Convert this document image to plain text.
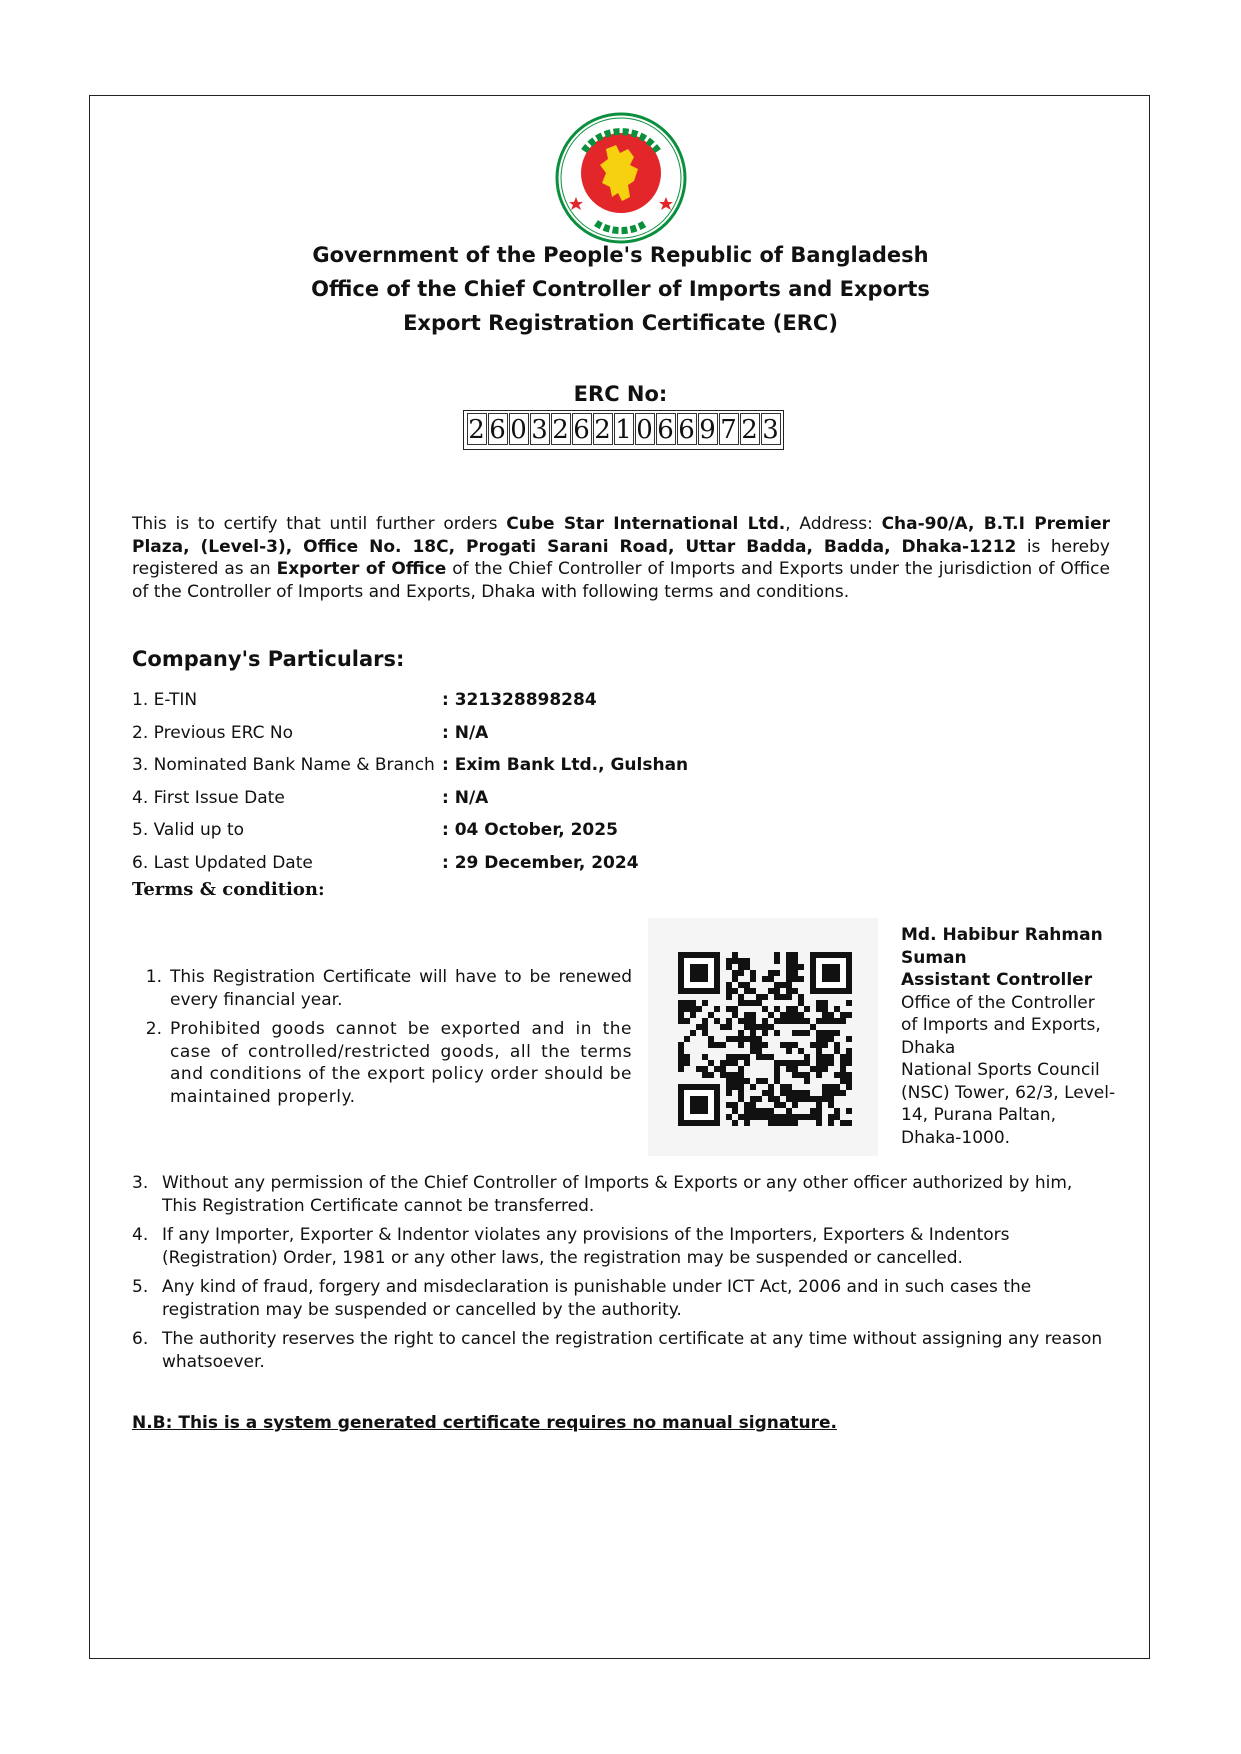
Government of the People's Republic of Bangladesh
Office of the Chief Controller of Imports and Exports
Export Registration Certificate (ERC)
ERC No:
2 6 0 3 2 6 2 1 0 6 6 9 7 2 3
This is to certify that until further orders Cube Star International Ltd., Address: Cha-90/A, B.T.I Premier Plaza, (Level-3), Office No. 18C, Progati Sarani Road, Uttar Badda, Badda, Dhaka-1212 is hereby registered as an Exporter of Office of the Chief Controller of Imports and Exports under the jurisdiction of Office of the Controller of Imports and Exports, Dhaka with following terms and conditions.
Company's Particulars:
1. E-TIN	: 321328898284
2. Previous ERC No	: N/A
3. Nominated Bank Name & Branch : Exim Bank Ltd., Gulshan
4. First Issue Date	: N/A
5. Valid up to	: 04 October, 2025
6. Last Updated Date	: 29 December, 2024
Terms & condition:
1. This Registration Certificate will have to be renewed every financial year.
2. Prohibited goods cannot be exported and in the case of controlled/restricted goods, all the terms and conditions of the export policy order should be maintained properly.
Md. Habibur Rahman Suman
Assistant Controller
Office of the Controller of Imports and Exports, Dhaka
National Sports Council (NSC) Tower, 62/3, Level-14, Purana Paltan, Dhaka-1000.
3. Without any permission of the Chief Controller of Imports & Exports or any other officer authorized by him, This Registration Certificate cannot be transferred.
4. If any Importer, Exporter & Indentor violates any provisions of the Importers, Exporters & Indentors (Registration) Order, 1981 or any other laws, the registration may be suspended or cancelled.
5. Any kind of fraud, forgery and misdeclaration is punishable under ICT Act, 2006 and in such cases the registration may be suspended or cancelled by the authority.
6. The authority reserves the right to cancel the registration certificate at any time without assigning any reason whatsoever.
N.B: This is a system generated certificate requires no manual signature.
